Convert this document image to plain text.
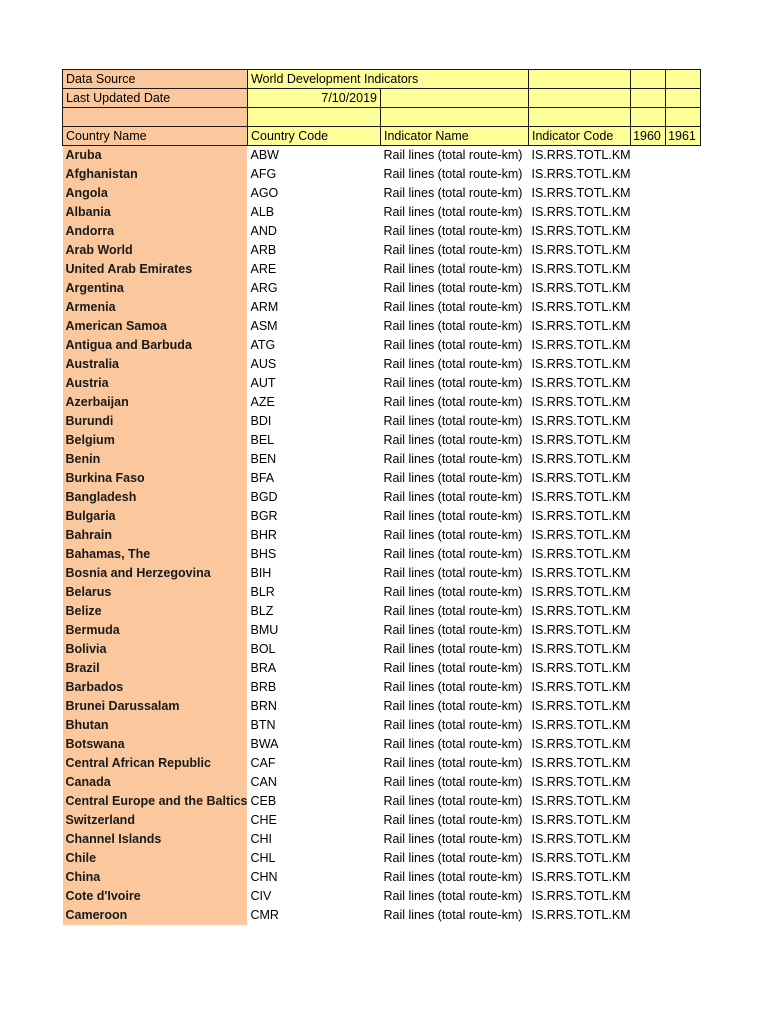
Data Source	World Development Indicators				
Last Updated Date	7/10/2019				

Country Name	Country Code	Indicator Name	Indicator Code	1960	1961
Aruba	ABW	Rail lines (total route-km)	IS.RRS.TOTL.KM		
Afghanistan	AFG	Rail lines (total route-km)	IS.RRS.TOTL.KM		
Angola	AGO	Rail lines (total route-km)	IS.RRS.TOTL.KM		
Albania	ALB	Rail lines (total route-km)	IS.RRS.TOTL.KM		
Andorra	AND	Rail lines (total route-km)	IS.RRS.TOTL.KM		
Arab World	ARB	Rail lines (total route-km)	IS.RRS.TOTL.KM		
United Arab Emirates	ARE	Rail lines (total route-km)	IS.RRS.TOTL.KM		
Argentina	ARG	Rail lines (total route-km)	IS.RRS.TOTL.KM		
Armenia	ARM	Rail lines (total route-km)	IS.RRS.TOTL.KM		
American Samoa	ASM	Rail lines (total route-km)	IS.RRS.TOTL.KM		
Antigua and Barbuda	ATG	Rail lines (total route-km)	IS.RRS.TOTL.KM		
Australia	AUS	Rail lines (total route-km)	IS.RRS.TOTL.KM		
Austria	AUT	Rail lines (total route-km)	IS.RRS.TOTL.KM		
Azerbaijan	AZE	Rail lines (total route-km)	IS.RRS.TOTL.KM		
Burundi	BDI	Rail lines (total route-km)	IS.RRS.TOTL.KM		
Belgium	BEL	Rail lines (total route-km)	IS.RRS.TOTL.KM		
Benin	BEN	Rail lines (total route-km)	IS.RRS.TOTL.KM		
Burkina Faso	BFA	Rail lines (total route-km)	IS.RRS.TOTL.KM		
Bangladesh	BGD	Rail lines (total route-km)	IS.RRS.TOTL.KM		
Bulgaria	BGR	Rail lines (total route-km)	IS.RRS.TOTL.KM		
Bahrain	BHR	Rail lines (total route-km)	IS.RRS.TOTL.KM		
Bahamas, The	BHS	Rail lines (total route-km)	IS.RRS.TOTL.KM		
Bosnia and Herzegovina	BIH	Rail lines (total route-km)	IS.RRS.TOTL.KM		
Belarus	BLR	Rail lines (total route-km)	IS.RRS.TOTL.KM		
Belize	BLZ	Rail lines (total route-km)	IS.RRS.TOTL.KM		
Bermuda	BMU	Rail lines (total route-km)	IS.RRS.TOTL.KM		
Bolivia	BOL	Rail lines (total route-km)	IS.RRS.TOTL.KM		
Brazil	BRA	Rail lines (total route-km)	IS.RRS.TOTL.KM		
Barbados	BRB	Rail lines (total route-km)	IS.RRS.TOTL.KM		
Brunei Darussalam	BRN	Rail lines (total route-km)	IS.RRS.TOTL.KM		
Bhutan	BTN	Rail lines (total route-km)	IS.RRS.TOTL.KM		
Botswana	BWA	Rail lines (total route-km)	IS.RRS.TOTL.KM		
Central African Republic	CAF	Rail lines (total route-km)	IS.RRS.TOTL.KM		
Canada	CAN	Rail lines (total route-km)	IS.RRS.TOTL.KM		
Central Europe and the Baltics	CEB	Rail lines (total route-km)	IS.RRS.TOTL.KM		
Switzerland	CHE	Rail lines (total route-km)	IS.RRS.TOTL.KM		
Channel Islands	CHI	Rail lines (total route-km)	IS.RRS.TOTL.KM		
Chile	CHL	Rail lines (total route-km)	IS.RRS.TOTL.KM		
China	CHN	Rail lines (total route-km)	IS.RRS.TOTL.KM		
Cote d'Ivoire	CIV	Rail lines (total route-km)	IS.RRS.TOTL.KM		
Cameroon	CMR	Rail lines (total route-km)	IS.RRS.TOTL.KM		
